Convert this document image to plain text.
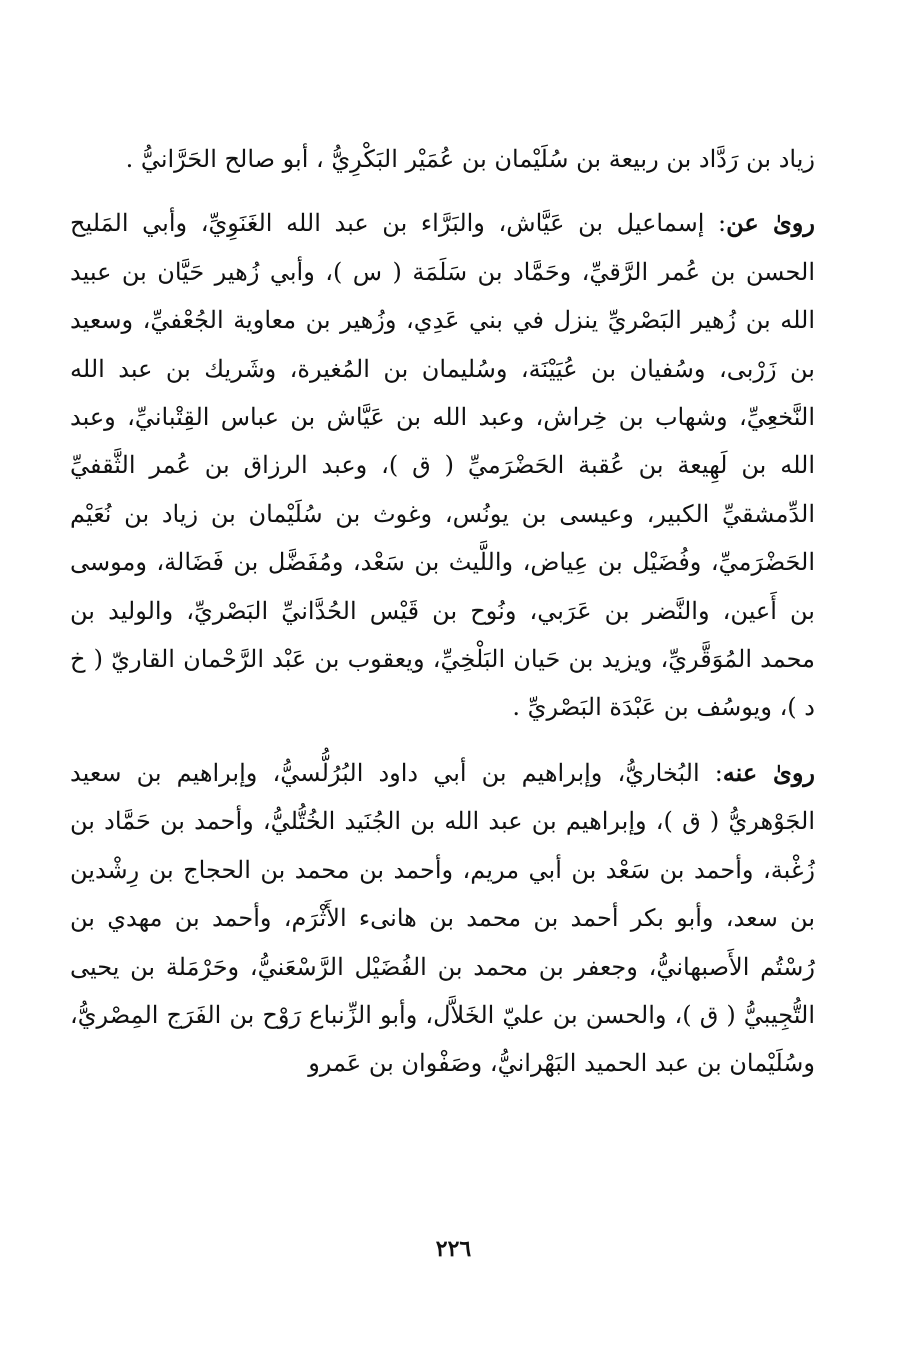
زياد بن رَدَّاد بن ربيعة بن سُلَيْمان بن عُمَيْر البَكْرِيُّ ، أبو صالح الحَرَّانيُّ .

روىٰ عن: إسماعيل بن عَيَّاش، والبَرَّاء بن عبد الله الغَنَوِيِّ، وأبي المَليح الحسن بن عُمر الرَّقيِّ، وحَمَّاد بن سَلَمَة ( س )، وأبي زُهير حَيَّان بن عبيد الله بن زُهير البَصْريِّ ينزل في بني عَدِي، وزُهير بن معاوية الجُعْفيِّ، وسعيد بن زَرْبى، وسُفيان بن عُيَيْنَة، وسُليمان بن المُغيرة، وشَريك بن عبد الله النَّخعِيِّ، وشهاب بن خِراش، وعبد الله بن عَيَّاش بن عباس القِتْبانيِّ، وعبد الله بن لَهِيعة بن عُقبة الحَضْرَميِّ ( ق )، وعبد الرزاق بن عُمر الثَّقفيِّ الدِّمشقيِّ الكبير، وعيسى بن يونُس، وغوث بن سُلَيْمان بن زياد بن نُعَيْم الحَضْرَميِّ، وفُضَيْل بن عِياض، واللَّيث بن سَعْد، ومُفَضَّل بن فَضَالة، وموسى بن أَعين، والنَّضر بن عَرَبي، ونُوح بن قَيْس الحُدَّانيِّ البَصْريِّ، والوليد بن محمد المُوَقَّريِّ، ويزيد بن حَيان البَلْخِيِّ، ويعقوب بن عَبْد الرَّحْمان القاريّ ( خ د )، ويوسُف بن عَبْدَة البَصْريِّ .

روىٰ عنه: البُخاريُّ، وإبراهيم بن أبي داود البُرُلُّسيُّ، وإبراهيم بن سعيد الجَوْهريُّ ( ق )، وإبراهيم بن عبد الله بن الجُنَيد الخُتُّليُّ، وأحمد بن حَمَّاد بن زُغْبة، وأحمد بن سَعْد بن أبي مريم، وأحمد بن محمد بن الحجاج بن رِشْدين بن سعد، وأبو بكر أحمد بن محمد بن هانىء الأَثْرَم، وأحمد بن مهدي بن رُسْتُم الأَصبهانيُّ، وجعفر بن محمد بن الفُضَيْل الرَّسْعَنيُّ، وحَرْمَلة بن يحيى التُّجِيبيُّ ( ق )، والحسن بن عليّ الخَلاَّل، وأبو الزِّنباع رَوْح بن الفَرَج المِصْريُّ، وسُلَيْمان بن عبد الحميد البَهْرانيُّ، وصَفْوان بن عَمرو

٢٢٦
